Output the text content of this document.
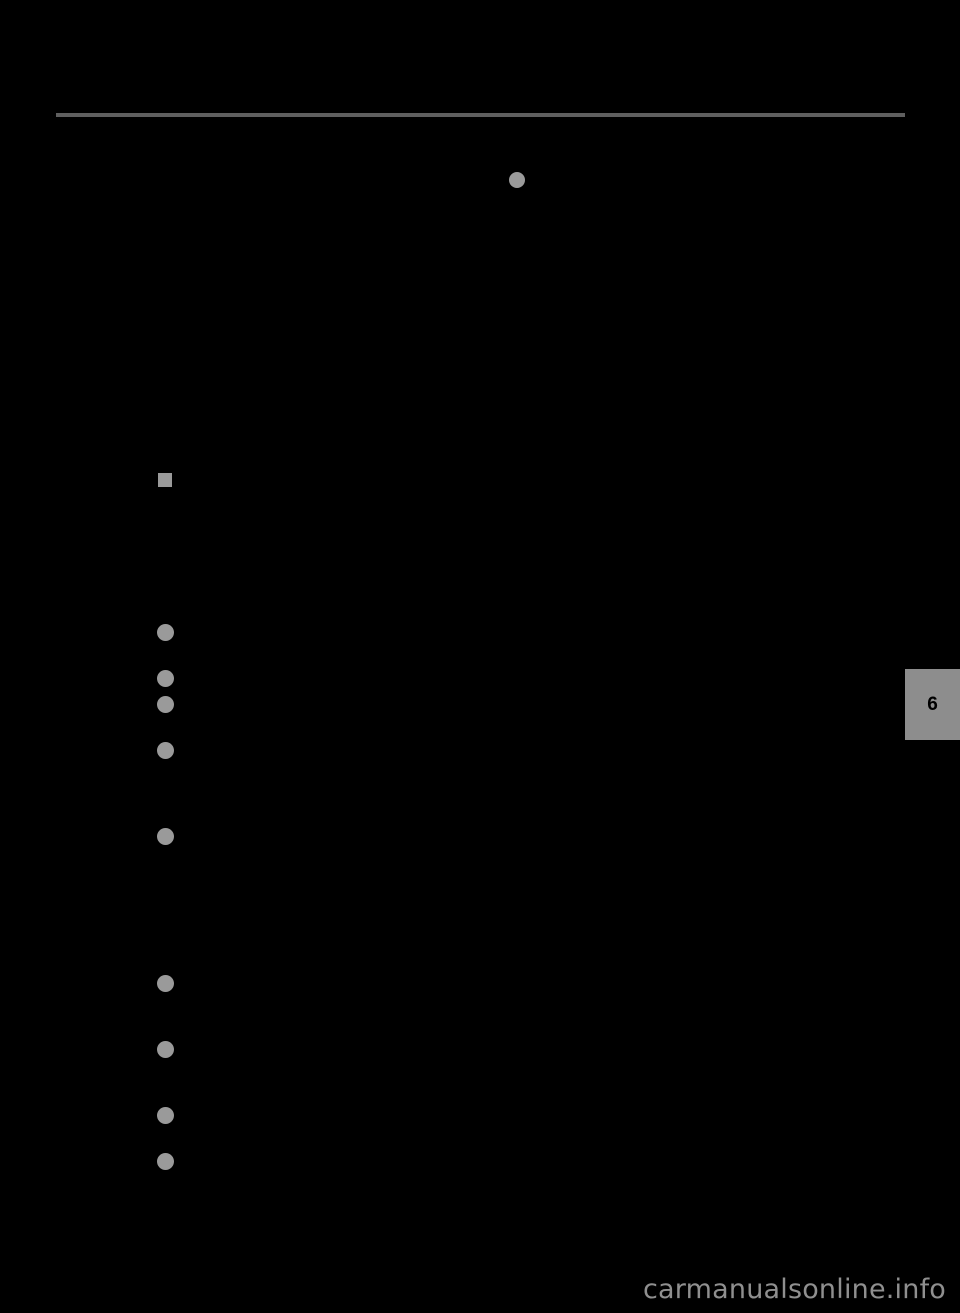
6
carmanualsonline.info
